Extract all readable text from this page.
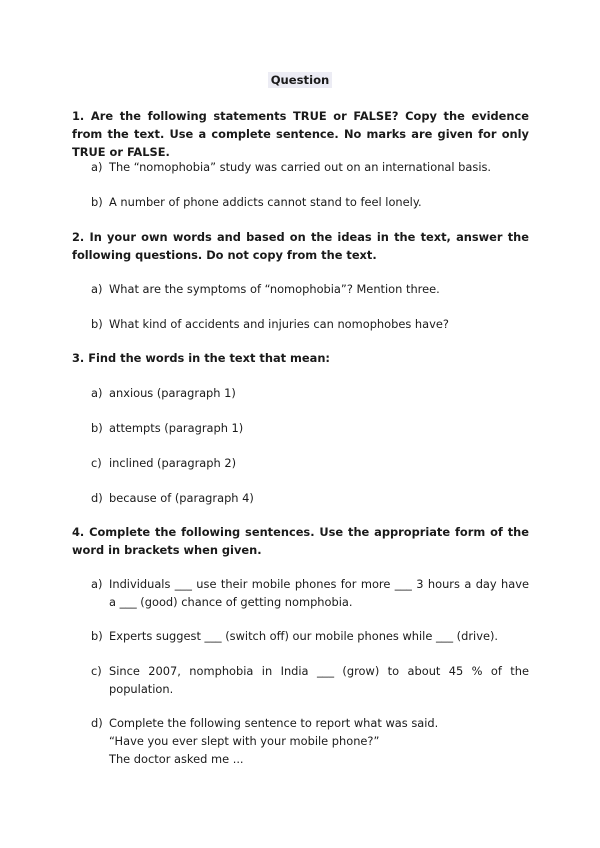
Question
1. Are the following statements TRUE or FALSE? Copy the evidence from the text. Use a complete sentence. No marks are given for only TRUE or FALSE.
a) The “nomophobia” study was carried out on an international basis.
b) A number of phone addicts cannot stand to feel lonely.
2. In your own words and based on the ideas in the text, answer the following questions. Do not copy from the text.
a) What are the symptoms of “nomophobia”? Mention three.
b) What kind of accidents and injuries can nomophobes have?
3. Find the words in the text that mean:
a) anxious (paragraph 1)
b) attempts (paragraph 1)
c) inclined (paragraph 2)
d) because of (paragraph 4)
4. Complete the following sentences. Use the appropriate form of the word in brackets when given.
a) Individuals ___ use their mobile phones for more ___ 3 hours a day have a ___ (good) chance of getting nomphobia.
b) Experts suggest ___ (switch off) our mobile phones while ___ (drive).
c) Since 2007, nomphobia in India ___ (grow) to about 45 % of the population.
d) Complete the following sentence to report what was said.
“Have you ever slept with your mobile phone?”
The doctor asked me ...
